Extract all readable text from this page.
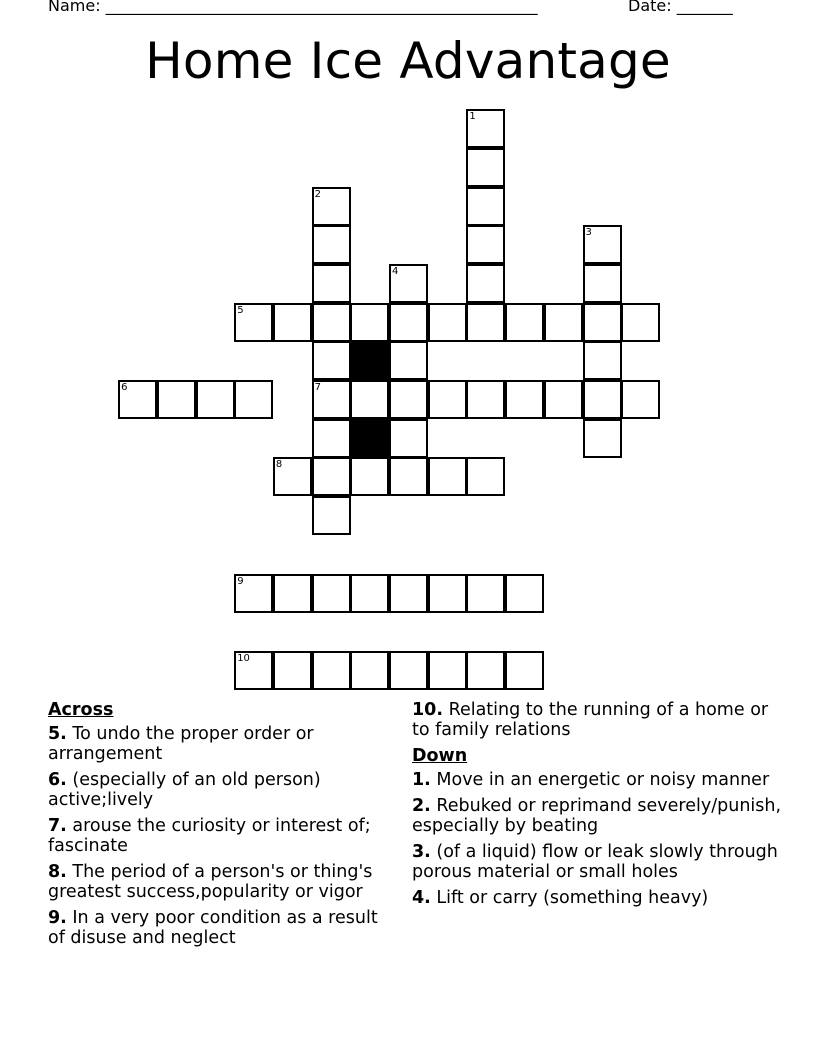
Name: ______________________________________________________	Date: _______
Home Ice Advantage
1
2
3
4
5
6	7
8
9
10
Across
5. To undo the proper order or arrangement
6. (especially of an old person) active;lively
7. arouse the curiosity or interest of; fascinate
8. The period of a person's or thing's greatest success,popularity or vigor
9. In a very poor condition as a result of disuse and neglect
10. Relating to the running of a home or to family relations
Down
1. Move in an energetic or noisy manner
2. Rebuked or reprimand severely/punish, especially by beating
3. (of a liquid) flow or leak slowly through porous material or small holes
4. Lift or carry (something heavy)
